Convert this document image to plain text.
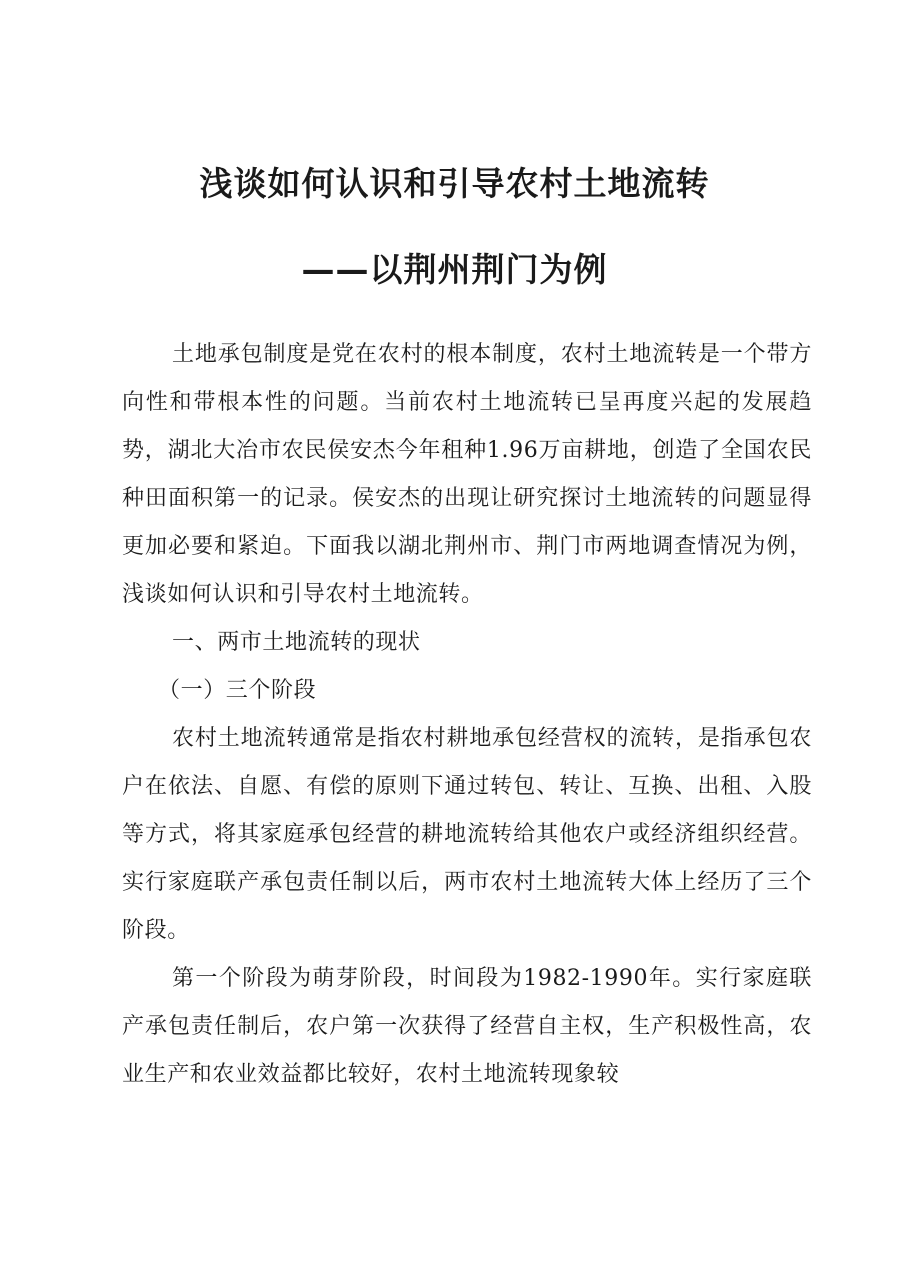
浅谈如何认识和引导农村土地流转
——以荆州荆门为例

土地承包制度是党在农村的根本制度，农村土地流转是一个带方向性和带根本性的问题。当前农村土地流转已呈再度兴起的发展趋势，湖北大冶市农民侯安杰今年租种1.96万亩耕地，创造了全国农民种田面积第一的记录。侯安杰的出现让研究探讨土地流转的问题显得更加必要和紧迫。下面我以湖北荆州市、荆门市两地调查情况为例，浅谈如何认识和引导农村土地流转。

一、两市土地流转的现状

（一）三个阶段

农村土地流转通常是指农村耕地承包经营权的流转，是指承包农户在依法、自愿、有偿的原则下通过转包、转让、互换、出租、入股等方式，将其家庭承包经营的耕地流转给其他农户或经济组织经营。实行家庭联产承包责任制以后，两市农村土地流转大体上经历了三个阶段。

第一个阶段为萌芽阶段，时间段为1982-1990年。实行家庭联产承包责任制后，农户第一次获得了经营自主权，生产积极性高，农业生产和农业效益都比较好，农村土地流转现象较
